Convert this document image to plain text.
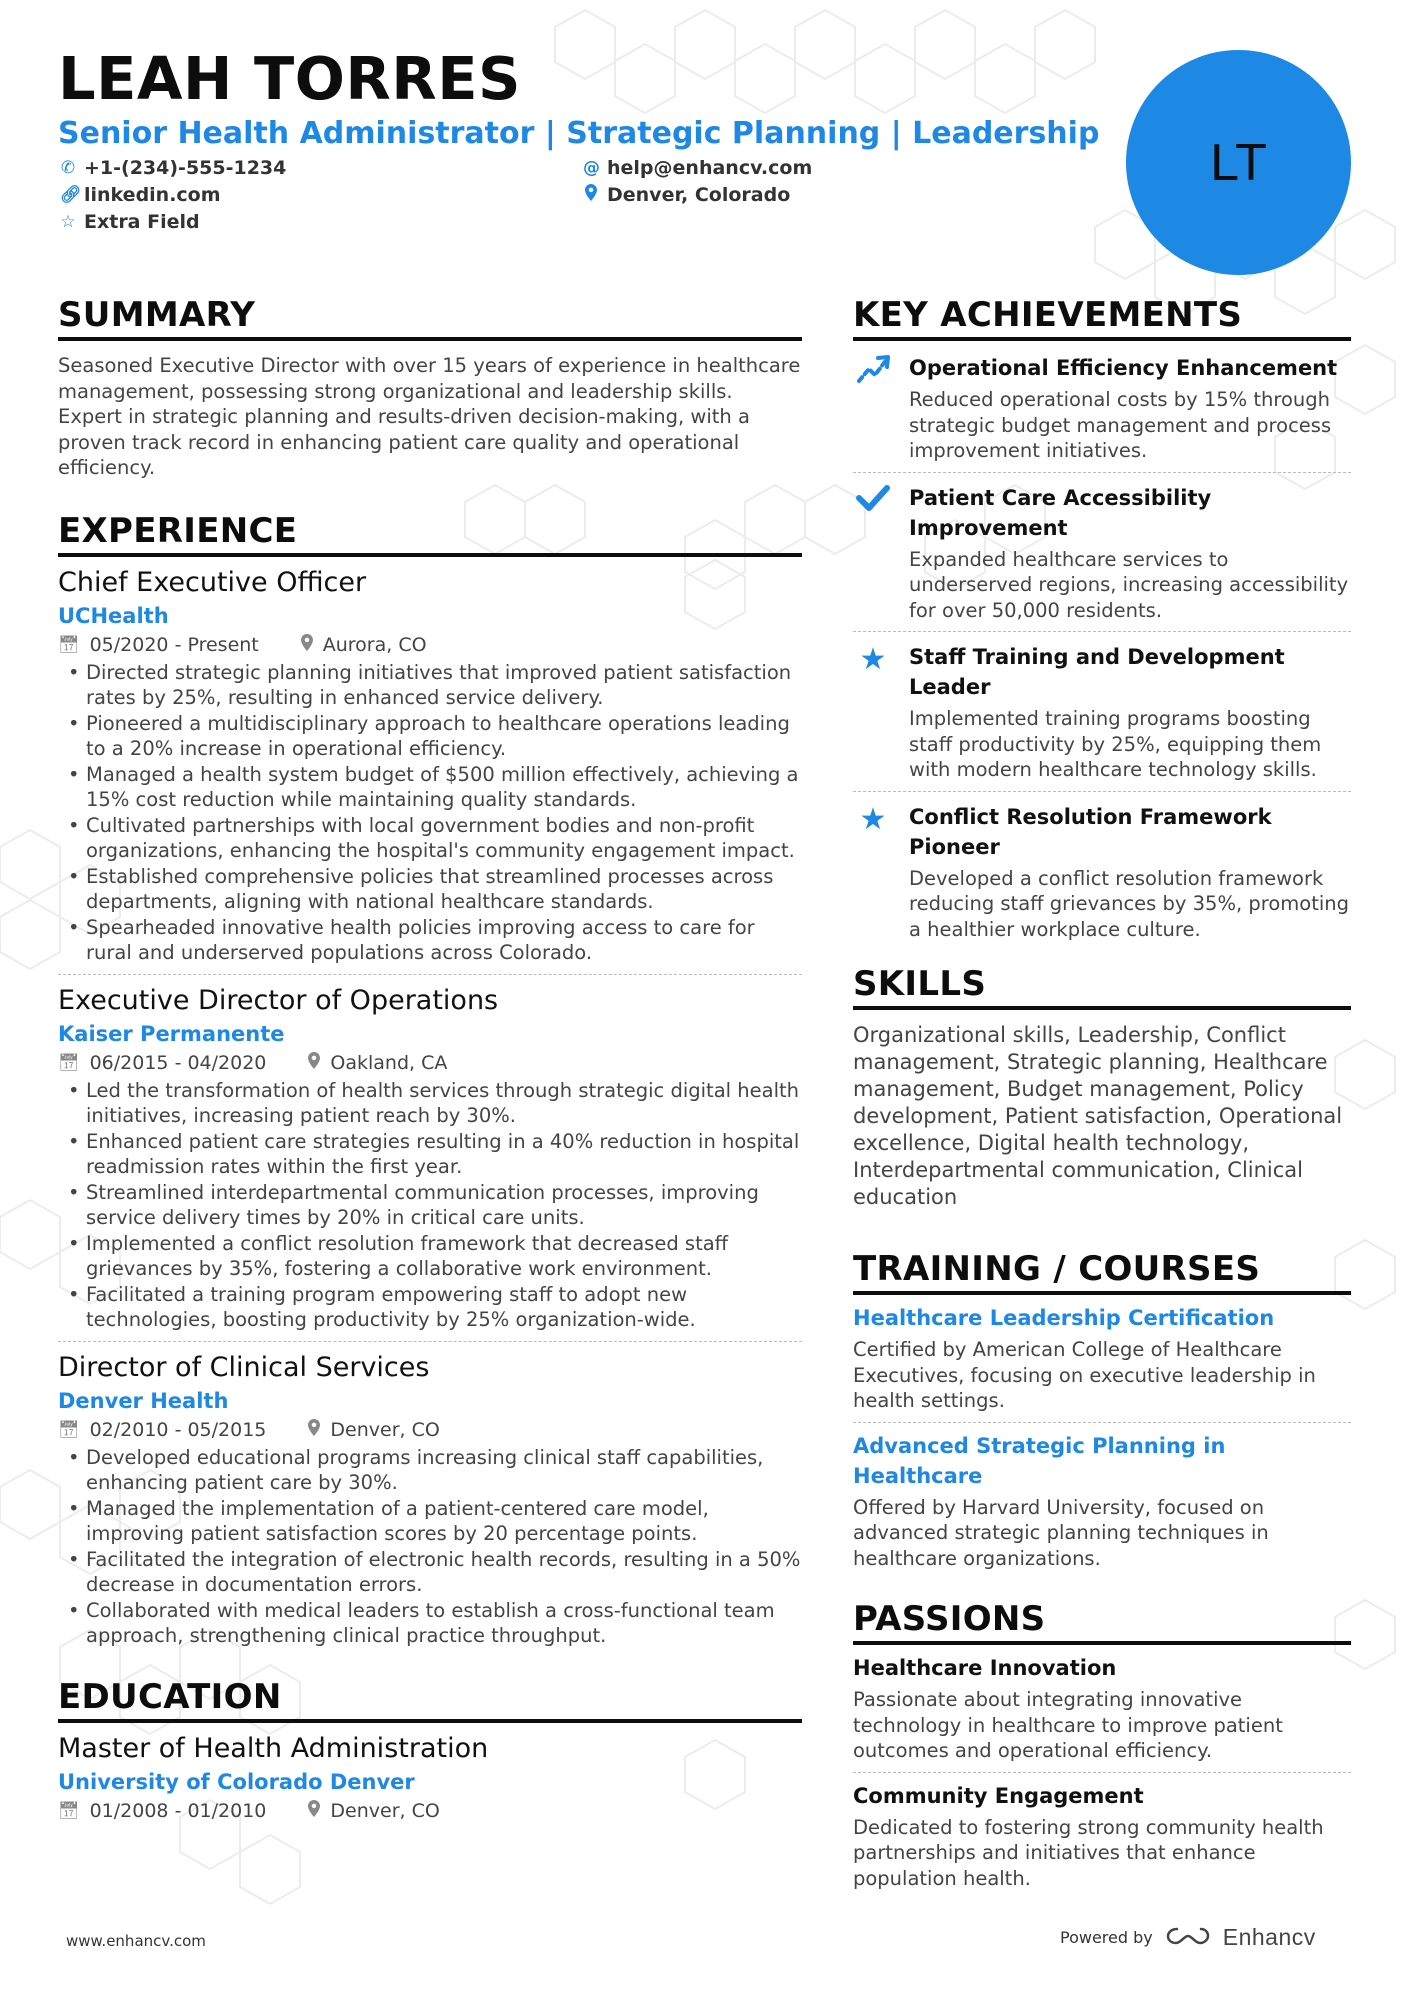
LEAH TORRES
Senior Health Administrator | Strategic Planning | Leadership
✆ +1-(234)-555-1234	@ help@enhancv.com
🔗︎ linkedin.com	Denver, Colorado
☆ Extra Field
LT
SUMMARY
Seasoned Executive Director with over 15 years of experience in healthcare management, possessing strong organizational and leadership skills. Expert in strategic planning and results-driven decision-making, with a proven track record in enhancing patient care quality and operational efficiency.
EXPERIENCE
Chief Executive Officer
UCHealth
📅︎ 05/2020 - Present	Aurora, CO
• Directed strategic planning initiatives that improved patient satisfaction rates by 25%, resulting in enhanced service delivery.
• Pioneered a multidisciplinary approach to healthcare operations leading to a 20% increase in operational efficiency.
• Managed a health system budget of $500 million effectively, achieving a 15% cost reduction while maintaining quality standards.
• Cultivated partnerships with local government bodies and non-profit organizations, enhancing the hospital's community engagement impact.
• Established comprehensive policies that streamlined processes across departments, aligning with national healthcare standards.
• Spearheaded innovative health policies improving access to care for rural and underserved populations across Colorado.
Executive Director of Operations
Kaiser Permanente
📅︎ 06/2015 - 04/2020	Oakland, CA
• Led the transformation of health services through strategic digital health initiatives, increasing patient reach by 30%.
• Enhanced patient care strategies resulting in a 40% reduction in hospital readmission rates within the first year.
• Streamlined interdepartmental communication processes, improving service delivery times by 20% in critical care units.
• Implemented a conflict resolution framework that decreased staff grievances by 35%, fostering a collaborative work environment.
• Facilitated a training program empowering staff to adopt new technologies, boosting productivity by 25% organization-wide.
Director of Clinical Services
Denver Health
📅︎ 02/2010 - 05/2015	Denver, CO
• Developed educational programs increasing clinical staff capabilities, enhancing patient care by 30%.
• Managed the implementation of a patient-centered care model, improving patient satisfaction scores by 20 percentage points.
• Facilitated the integration of electronic health records, resulting in a 50% decrease in documentation errors.
• Collaborated with medical leaders to establish a cross-functional team approach, strengthening clinical practice throughput.
EDUCATION
Master of Health Administration
University of Colorado Denver
📅︎ 01/2008 - 01/2010	Denver, CO
KEY ACHIEVEMENTS
Operational Efficiency Enhancement
Reduced operational costs by 15% through strategic budget management and process improvement initiatives.
Patient Care Accessibility Improvement
Expanded healthcare services to underserved regions, increasing accessibility for over 50,000 residents.
★	Staff Training and Development Leader
Implemented training programs boosting staff productivity by 25%, equipping them with modern healthcare technology skills.
★	Conflict Resolution Framework Pioneer
Developed a conflict resolution framework reducing staff grievances by 35%, promoting a healthier workplace culture.
SKILLS
Organizational skills, Leadership, Conflict management, Strategic planning, Healthcare management, Budget management, Policy development, Patient satisfaction, Operational excellence, Digital health technology, Interdepartmental communication, Clinical education
TRAINING / COURSES
Healthcare Leadership Certification
Certified by American College of Healthcare Executives, focusing on executive leadership in health settings.
Advanced Strategic Planning in Healthcare
Offered by Harvard University, focused on advanced strategic planning techniques in healthcare organizations.
PASSIONS
Healthcare Innovation
Passionate about integrating innovative technology in healthcare to improve patient outcomes and operational efficiency.
Community Engagement
Dedicated to fostering strong community health partnerships and initiatives that enhance population health.
www.enhancv.com	Powered by	Enhancv
